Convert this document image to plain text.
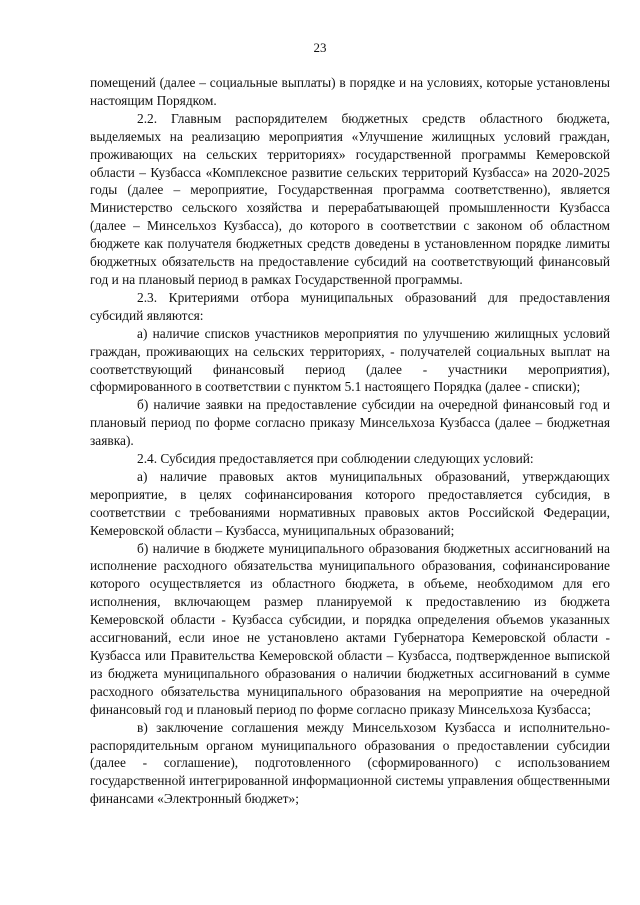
23

помещений (далее – социальные выплаты) в порядке и на условиях, которые установлены настоящим Порядком.

2.2. Главным распорядителем бюджетных средств областного бюджета, выделяемых на реализацию мероприятия «Улучшение жилищных условий граждан, проживающих на сельских территориях» государственной программы Кемеровской области – Кузбасса «Комплексное развитие сельских территорий Кузбасса» на 2020-2025 годы (далее – мероприятие, Государственная программа соответственно), является Министерство сельского хозяйства и перерабатывающей промышленности Кузбасса (далее – Минсельхоз Кузбасса), до которого в соответствии с законом об областном бюджете как получателя бюджетных средств доведены в установленном порядке лимиты бюджетных обязательств на предоставление субсидий на соответствующий финансовый год и на плановый период в рамках Государственной программы.

2.3. Критериями отбора муниципальных образований для предоставления субсидий являются:

а) наличие списков участников мероприятия по улучшению жилищных условий граждан, проживающих на сельских территориях, - получателей социальных выплат на соответствующий финансовый период (далее - участники мероприятия), сформированного в соответствии с пунктом 5.1 настоящего Порядка (далее - списки);

б) наличие заявки на предоставление субсидии на очередной финансовый год и плановый период по форме согласно приказу Минсельхоза Кузбасса (далее – бюджетная заявка).

2.4. Субсидия предоставляется при соблюдении следующих условий:

а) наличие правовых актов муниципальных образований, утверждающих мероприятие, в целях софинансирования которого предоставляется субсидия, в соответствии с требованиями нормативных правовых актов Российской Федерации, Кемеровской области – Кузбасса, муниципальных образований;

б) наличие в бюджете муниципального образования бюджетных ассигнований на исполнение расходного обязательства муниципального образования, софинансирование которого осуществляется из областного бюджета, в объеме, необходимом для его исполнения, включающем размер планируемой к предоставлению из бюджета Кемеровской области - Кузбасса субсидии, и порядка определения объемов указанных ассигнований, если иное не установлено актами Губернатора Кемеровской области - Кузбасса или Правительства Кемеровской области – Кузбасса, подтвержденное выпиской из бюджета муниципального образования о наличии бюджетных ассигнований в сумме расходного обязательства муниципального образования на мероприятие на очередной финансовый год и плановый период по форме согласно приказу Минсельхоза Кузбасса;

в) заключение соглашения между Минсельхозом Кузбасса и исполнительно-распорядительным органом муниципального образования о предоставлении субсидии (далее - соглашение), подготовленного (сформированного) с использованием государственной интегрированной информационной системы управления общественными финансами «Электронный бюджет»;
